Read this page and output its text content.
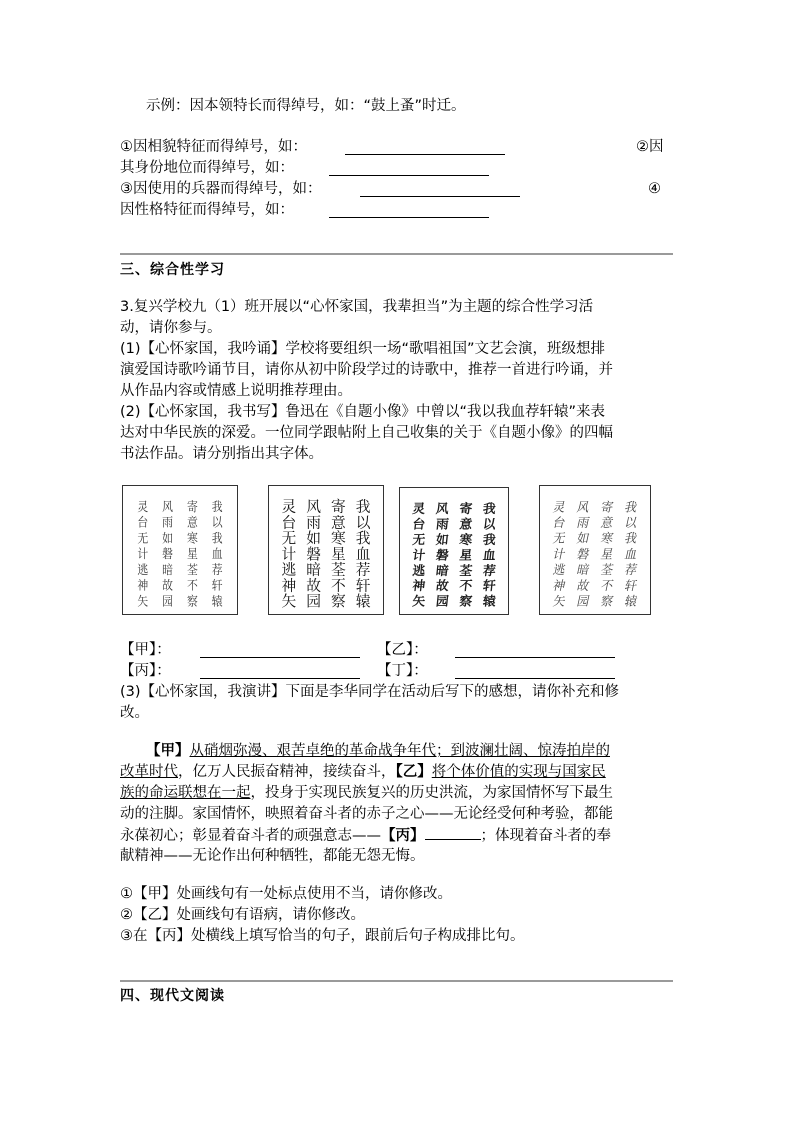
示例：因本领特长而得绰号，如：“鼓上蚤”时迁。
①因相貌特征而得绰号，如：	②因
其身份地位而得绰号，如：
③因使用的兵器而得绰号，如：	④
因性格特征而得绰号，如：
三、综合性学习
3.复兴学校九（1）班开展以“心怀家国，我辈担当”为主题的综合性学习活
动，请你参与。
(1)【心怀家国，我吟诵】学校将要组织一场“歌唱祖国”文艺会演，班级想排
演爱国诗歌吟诵节目，请你从初中阶段学过的诗歌中，推荐一首进行吟诵，并
从作品内容或情感上说明推荐理由。
(2)【心怀家国，我书写】鲁迅在《自题小像》中曾以“我以我血荐轩辕”来表
达对中华民族的深爱。一位同学跟帖附上自己收集的关于《自题小像》的四幅
书法作品。请分别指出其字体。
我
以
我
血
荐
轩
辕
寄
意
寒
星
荃
不
察
风
雨
如
磐
暗
故
园
灵
台
无
计
逃
神
矢
我
以
我
血
荐
轩
辕
寄
意
寒
星
荃
不
察
风
雨
如
磐
暗
故
园
灵
台
无
计
逃
神
矢
我
以
我
血
荐
轩
辕
寄
意
寒
星
荃
不
察
风
雨
如
磐
暗
故
园
灵
台
无
计
逃
神
矢
我
以
我
血
荐
轩
辕
寄
意
寒
星
荃
不
察
风
雨
如
磐
暗
故
园
灵
台
无
计
逃
神
矢
【甲】：	【乙】：
【丙】：	【丁】：
(3)【心怀家国，我演讲】下面是李华同学在活动后写下的感想，请你补充和修
改。
【甲】从硝烟弥漫、艰苦卓绝的革命战争年代；到波澜壮阔、惊涛拍岸的
改革时代，亿万人民振奋精神，接续奋斗，【乙】将个体价值的实现与国家民
族的命运联想在一起，投身于实现民族复兴的历史洪流，为家国情怀写下最生
动的注脚。家国情怀，映照着奋斗者的赤子之心——无论经受何种考验，都能
永葆初心；彰显着奋斗者的顽强意志——【丙】	；体现着奋斗者的奉
献精神——无论作出何种牺牲，都能无怨无悔。
①【甲】处画线句有一处标点使用不当，请你修改。
②【乙】处画线句有语病，请你修改。
③在【丙】处横线上填写恰当的句子，跟前后句子构成排比句。
四、现代文阅读
